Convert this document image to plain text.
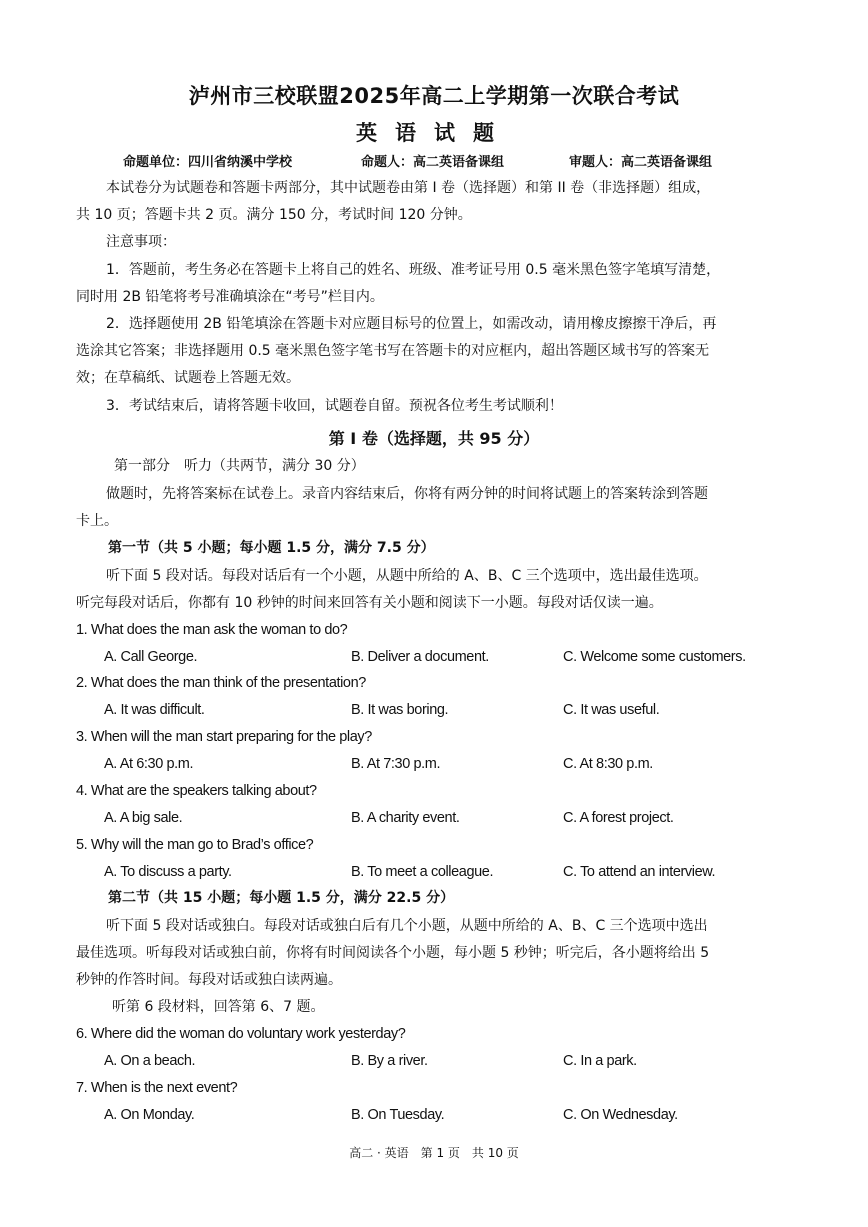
泸州市三校联盟2025年高二上学期第一次联合考试
英语试题
命题单位：四川省纳溪中学校	命题人：高二英语备课组	审题人：高二英语备课组
本试卷分为试题卷和答题卡两部分，其中试题卷由第 I 卷（选择题）和第 II 卷（非选择题）组成，
共 10 页；答题卡共 2 页。满分 150 分，考试时间 120 分钟。
注意事项：
1．答题前，考生务必在答题卡上将自己的姓名、班级、准考证号用 0.5 毫米黑色签字笔填写清楚，
同时用 2B 铅笔将考号准确填涂在“考号”栏目内。
2．选择题使用 2B 铅笔填涂在答题卡对应题目标号的位置上，如需改动，请用橡皮擦擦干净后，再
选涂其它答案；非选择题用 0.5 毫米黑色签字笔书写在答题卡的对应框内，超出答题区域书写的答案无
效；在草稿纸、试题卷上答题无效。
3．考试结束后，请将答题卡收回，试题卷自留。预祝各位考生考试顺利！
第 I 卷（选择题，共 95 分）
第一部分　听力（共两节，满分 30 分）
做题时，先将答案标在试卷上。录音内容结束后，你将有两分钟的时间将试题上的答案转涂到答题
卡上。
第一节（共 5 小题；每小题 1.5 分，满分 7.5 分）
听下面 5 段对话。每段对话后有一个小题，从题中所给的 A、B、C 三个选项中，选出最佳选项。
听完每段对话后，你都有 10 秒钟的时间来回答有关小题和阅读下一小题。每段对话仅读一遍。
1. What does the man ask the woman to do?
A. Call George.	B. Deliver a document.	C. Welcome some customers.
2. What does the man think of the presentation?
A. It was difficult.	B. It was boring.	C. It was useful.
3. When will the man start preparing for the play?
A. At 6:30 p.m.	B. At 7:30 p.m.	C. At 8:30 p.m.
4. What are the speakers talking about?
A. A big sale.	B. A charity event.	C. A forest project.
5. Why will the man go to Brad’s office?
A. To discuss a party.	B. To meet a colleague.	C. To attend an interview.
第二节（共 15 小题；每小题 1.5 分，满分 22.5 分）
听下面 5 段对话或独白。每段对话或独白后有几个小题，从题中所给的 A、B、C 三个选项中选出
最佳选项。听每段对话或独白前，你将有时间阅读各个小题，每小题 5 秒钟；听完后，各小题将给出 5
秒钟的作答时间。每段对话或独白读两遍。
听第 6 段材料，回答第 6、7 题。
6. Where did the woman do voluntary work yesterday?
A. On a beach.	B. By a river.	C. In a park.
7. When is the next event?
A. On Monday.	B. On Tuesday.	C. On Wednesday.
高二 · 英语　第 1 页　共 10 页
